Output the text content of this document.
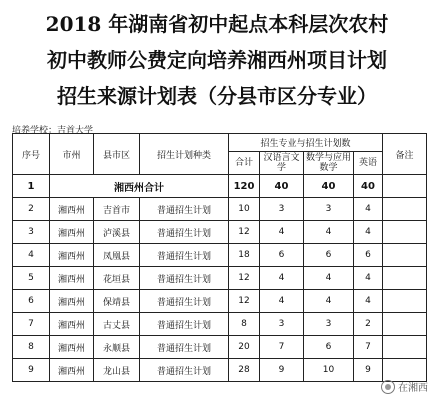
2018 年湖南省初中起点本科层次农村
初中教师公费定向培养湘西州项目计划
招生来源计划表（分县市区分专业）
培养学校：吉首大学
序号	市州	县市区	招生计划种类	招生专业与招生计划数				备注
				合计	汉语言文 学	数学与应用数学	英语	
1	湘西州合计			120	40	40	40	
2	湘西州	吉首市	普通招生计划	10	3	3	4	
3	湘西州	泸溪县	普通招生计划	12	4	4	4	
4	湘西州	凤凰县	普通招生计划	18	6	6	6	
5	湘西州	花垣县	普通招生计划	12	4	4	4	
6	湘西州	保靖县	普通招生计划	12	4	4	4	
7	湘西州	古丈县	普通招生计划	8	3	3	2	
8	湘西州	永顺县	普通招生计划	20	7	6	7	
9	湘西州	龙山县	普通招生计划	28	9	10	9	
在湘西
